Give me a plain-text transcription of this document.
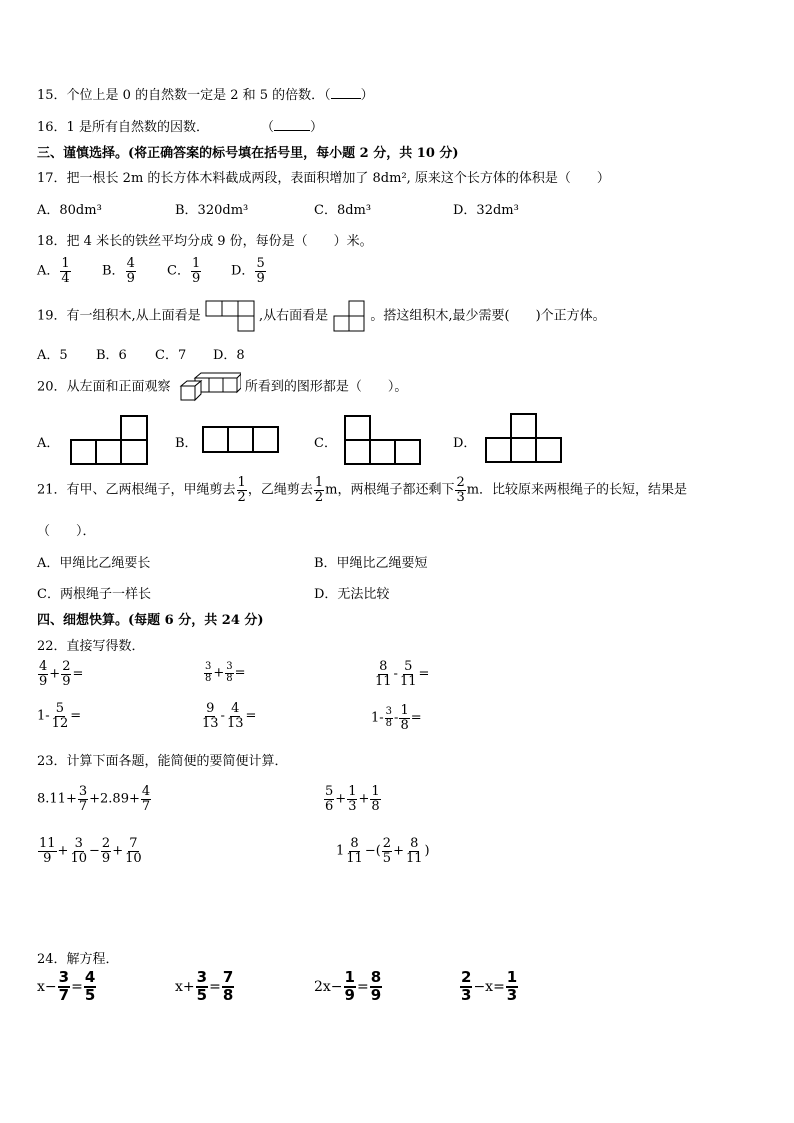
15．个位上是 0 的自然数一定是 2 和 5 的倍数．（ ）
16．1 是所有自然数的因数．	（	）
三、谨慎选择。(将正确答案的标号填在括号里，每小题 2 分，共 10 分)
17．把一根长 2m 的长方体木料截成两段，表面积增加了 8dm², 原来这个长方体的体积是（　　）
A．80dm³	B．320dm³	C．8dm³	D．32dm³
18．把 4 米长的铁丝平均分成 9 份，每份是（　　）米。
A． $\frac{1}{4}$ B． $\frac{4}{9}$ C． $\frac{1}{9}$ D． $\frac{5}{9}$
19．有一组积木,从上面看是	,从右面看是	。搭这组积木,最少需要(　　)个正方体。
A．5 B．6 C．7 D．8
20．从左面和正面观察	所看到的图形都是（　　）。
A．	B．	C．	D．
21．有甲、乙两根绳子，甲绳剪去 $\frac{1}{2}$ ，乙绳剪去 $\frac{1}{2}$ m，两根绳子都还剩下 $\frac{2}{3}$ m．比较原来两根绳子的长短，结果是
（　　）．
A．甲绳比乙绳要长	B．甲绳比乙绳要短
C．两根绳子一样长	D．无法比较
四、细想快算。(每题 6 分，共 24 分)
22．直接写得数．
$\frac{4}{9} + \frac{2}{9}$ =	$\frac{3}{8} + \frac{3}{8}$ =	$\frac{8}{11} - \frac{5}{11}$ =
$1- \frac{5}{12}$ =	$\frac{9}{13} - \frac{4}{13}$ =	$1- \frac{3}{8} - \frac{1}{8}$ =
23．计算下面各题，能简便的要简便计算．
$8.11+ \frac{3}{7} +2.89+ \frac{4}{7}$	$\frac{5}{6} + \frac{1}{3} + \frac{1}{8}$
$\frac{11}{9} + \frac{3}{10} - \frac{2}{9} + \frac{7}{10}$	$1 \frac{8}{11}$ −( $\frac{2}{5} + \frac{8}{11}$ )
24．解方程．
$x- \frac{3}{7} = \frac{4}{5}$	$x+ \frac{3}{5} = \frac{7}{8}$	$2x- \frac{1}{9} = \frac{8}{9}$	$\frac{2}{3} -x= \frac{1}{3}$
